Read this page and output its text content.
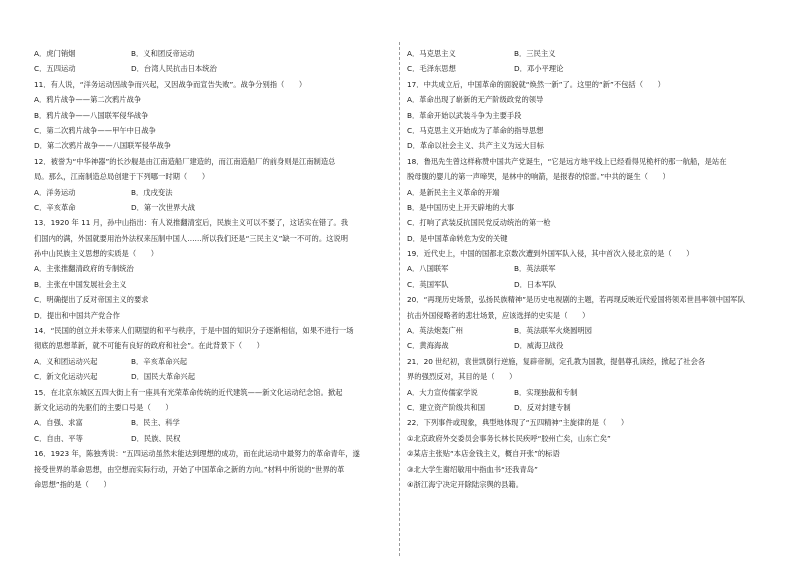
A．虎门销烟	B．义和团反帝运动
C．五四运动	D．台湾人民抗击日本统治
11．有人说，“洋务运动因战争而兴起，又因战争而宣告失败”。战争分别指（　　）
A．鸦片战争——第二次鸦片战争
B．鸦片战争——八国联军侵华战争
C．第二次鸦片战争——甲午中日战争
D．第二次鸦片战争——八国联军侵华战争
12．被誉为“中华神器”的长沙舰是由江南造船厂建造的，而江南造船厂的前身则是江南制造总
局。那么，江南制造总局创建于下列哪一时期（　　）
A．洋务运动	B．戊戌变法
C．辛亥革命	D．第一次世界大战
13．1920 年 11 月，孙中山指出：有人说推翻清室后，民族主义可以不要了，这话实在错了。我
们国内的满，外国就要用治外法权来压制中国人……所以我们还是“三民主义”缺一不可的。这说明
孙中山民族主义思想的实质是（　　）
A．主张推翻清政府的专制统治
B．主张在中国发展社会主义
C．明确提出了反对帝国主义的要求
D．提出和中国共产党合作
14．“民国的创立并未带来人们期望的和平与秩序，于是中国的知识分子逐渐相信，如果不进行一场
彻底的思想革新，就不可能有良好的政府和社会”。在此背景下（　　）
A．义和团运动兴起	B．辛亥革命兴起
C．新文化运动兴起	D．国民大革命兴起
15．在北京东城区五四大街上有一座具有光荣革命传统的近代建筑——新文化运动纪念馆。掀起
新文化运动的先驱们的主要口号是（　　）
A．自强、求富	B．民主、科学
C．自由、平等	D．民族、民权
16．1923 年，陈独秀说：“五四运动虽然未能达到理想的成功，而在此运动中最努力的革命青年，遂
接受世界的革命思想，由空想而实际行动，开始了中国革命之新的方向。”材料中所说的“世界的革
命思想”指的是（　　）
A．马克思主义	B．三民主义
C．毛泽东思想	D．邓小平理论
17．中共成立后，中国革命的面貌就“焕然一新”了。这里的“新”不包括（　　）
A．革命出现了崭新的无产阶级政党的领导
B．革命开始以武装斗争为主要手段
C．马克思主义开始成为了革命的指导思想
D．革命以社会主义、共产主义为远大目标
18．鲁迅先生曾这样称赞中国共产党诞生，“它是远方地平线上已经看得见桅杆的那一航船，是站在
脱母腹的婴儿的第一声啼哭，是林中的响箭，是报春的惊雷。”中共的诞生（　　）
A．是新民主主义革命的开端
B．是中国历史上开天辟地的大事
C．打响了武装反抗国民党反动统治的第一枪
D．是中国革命转危为安的关键
19．近代史上，中国的国都北京数次遭到外国军队入侵，其中首次入侵北京的是（　　）
A．八国联军	B．英法联军
C．英国军队	D．日本军队
20．“再现历史场景，弘扬民族精神”是历史电视剧的主题，若再现反映近代爱国将领邓世昌率领中国军队
抗击外国侵略者的悲壮场景，应该选择的史实是（　　）
A．英法炮轰广州	B．英法联军火烧圆明园
C．黄海海战	D．威海卫战役
21．20 世纪初，袁世凯倒行逆施，复辟帝制，定孔教为国教，提倡尊孔读经，掀起了社会各
界的强烈反对，其目的是（　　）
A．大力宣传儒家学说	B．实现独裁和专制
C．建立资产阶级共和国	D．反对封建专制
22．下列事件或现象，典型地体现了“五四精神”主旋律的是（　　）
①北京政府外交委员会事务长林长民疾呼“胶州亡矣，山东亡矣”
②某店主张贴“本店金钱主义，概自开张”的标语
③北大学生谢绍敏用中指血书“还我青岛”
④浙江海宁决定开除陆宗舆的县籍。
